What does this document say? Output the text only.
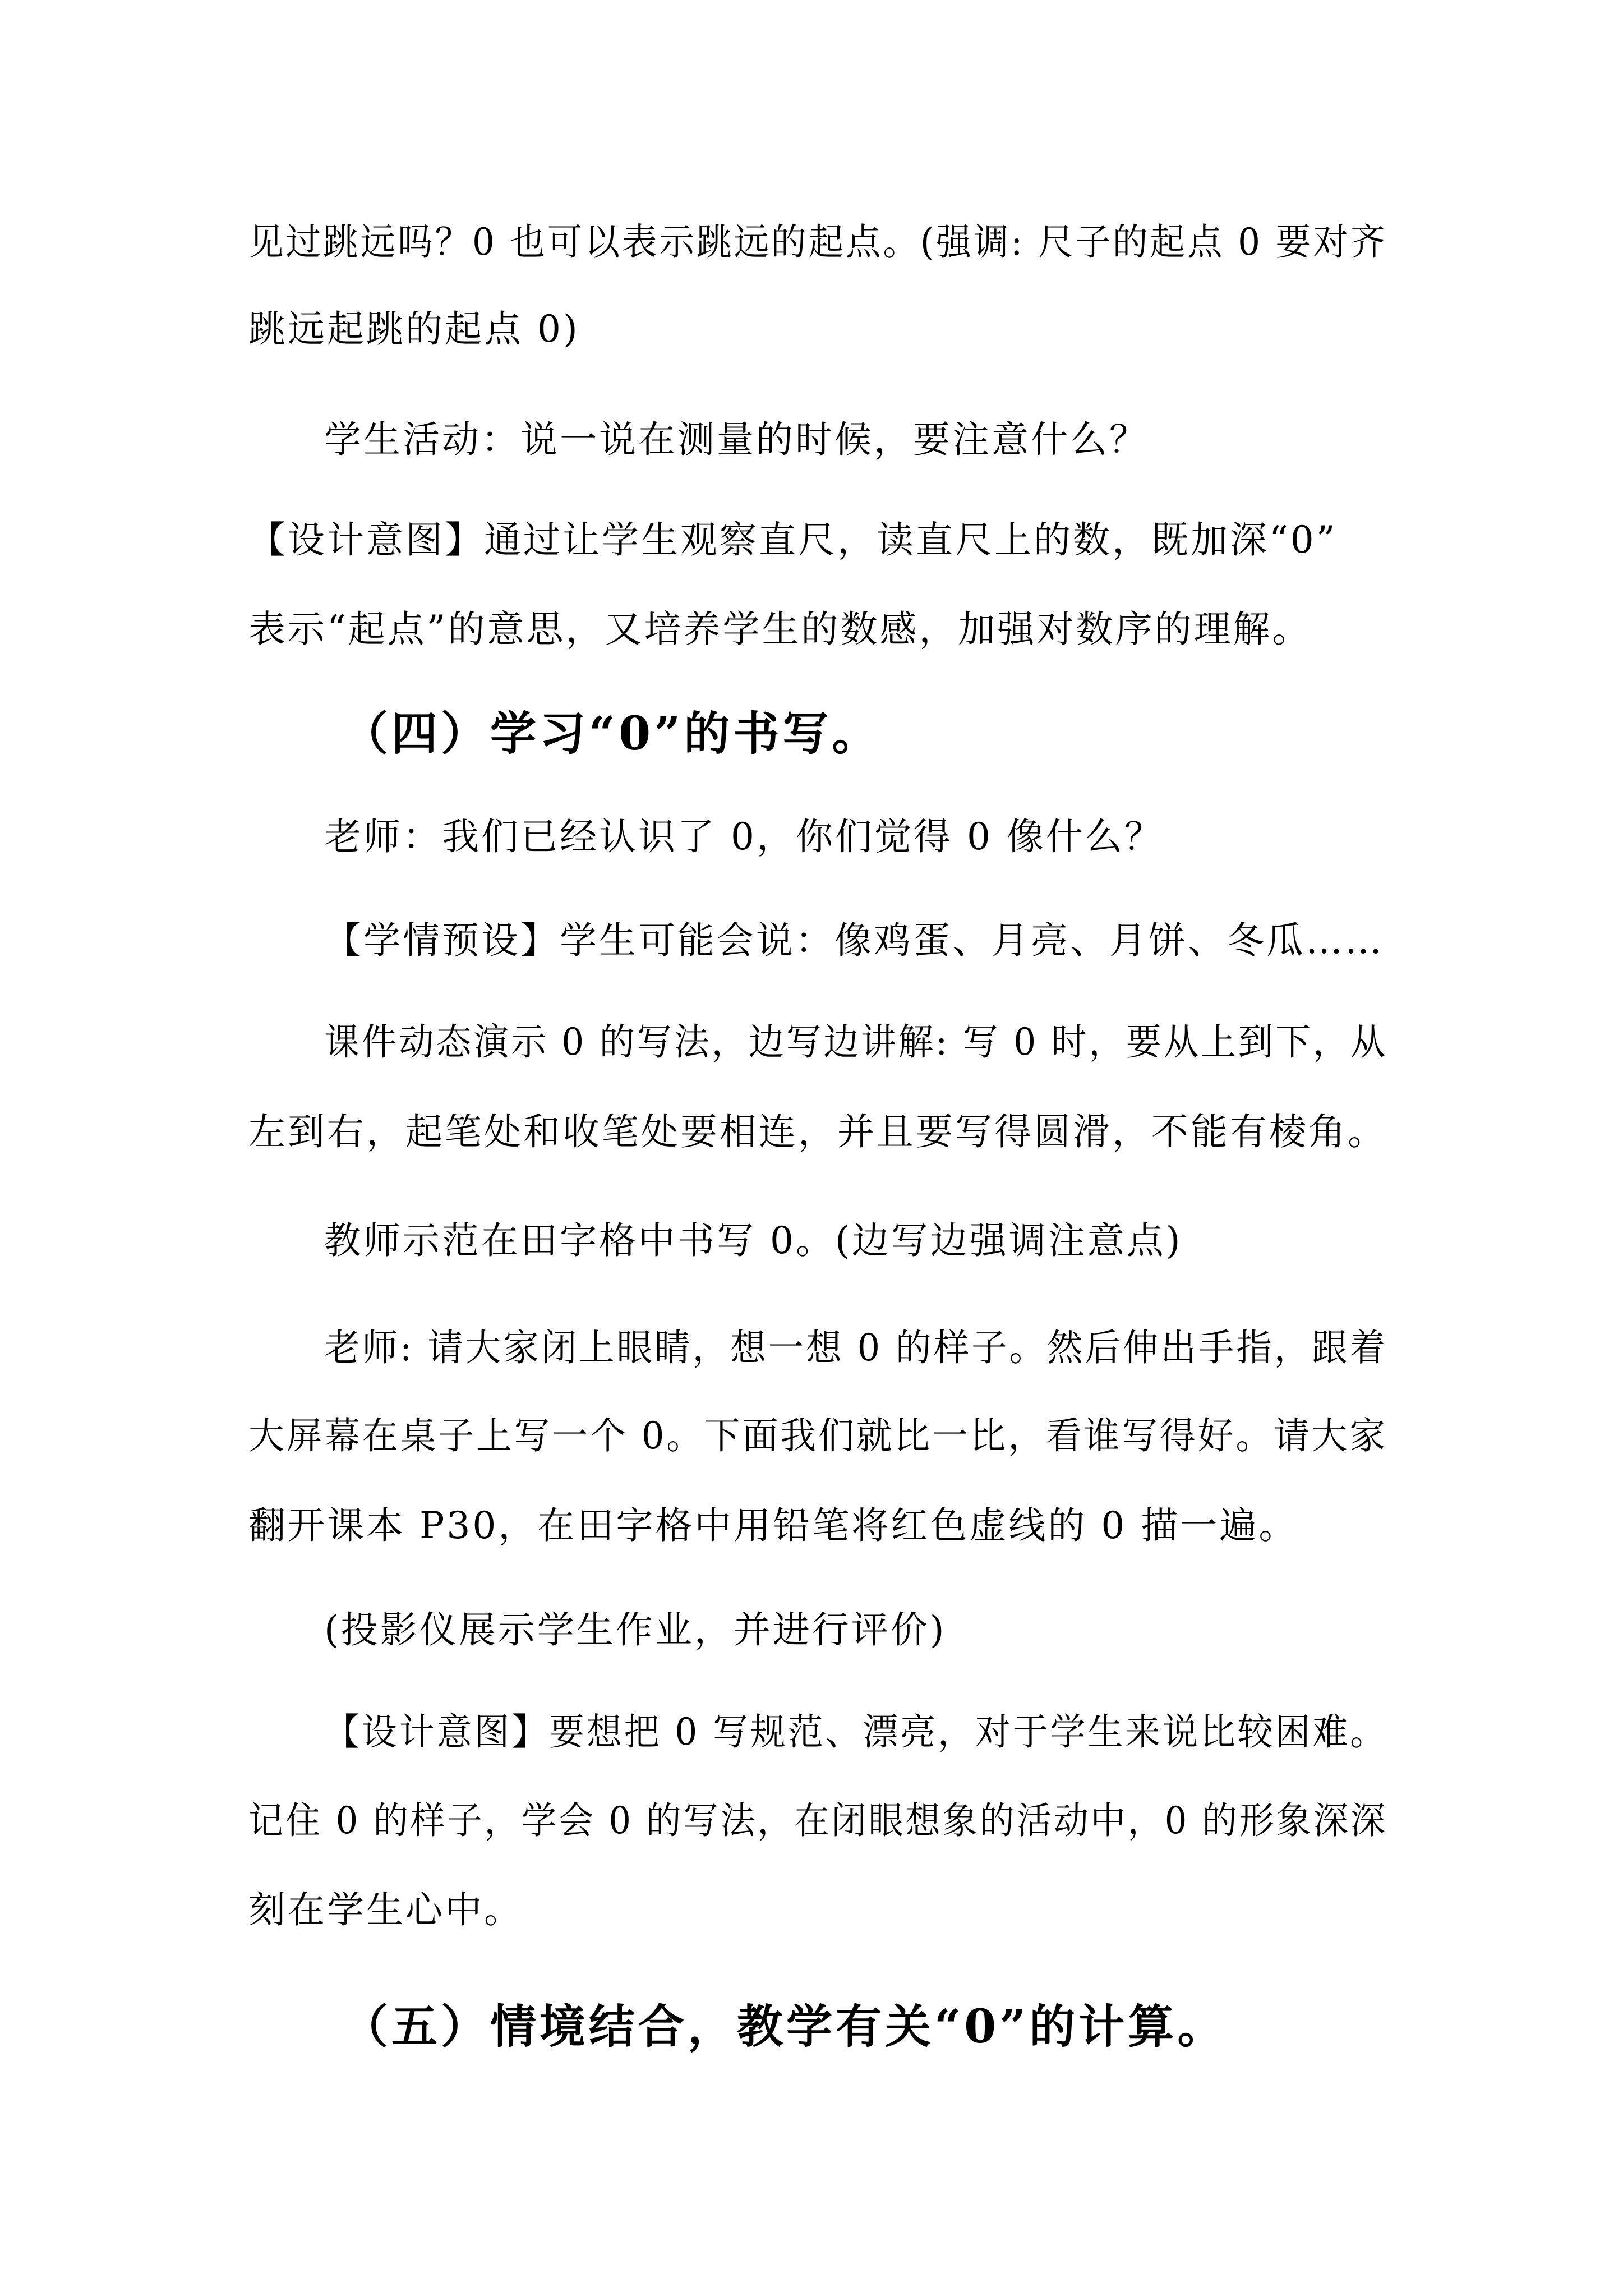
见过跳远吗？0 也可以表示跳远的起点。(强调: 尺子的起点 0 要对齐
跳远起跳的起点 0)
学生活动：说一说在测量的时候，要注意什么？
【设计意图】通过让学生观察直尺，读直尺上的数，既加深“0”
表示“起点”的意思，又培养学生的数感，加强对数序的理解。
（四）学习“0”的书写。
老师：我们已经认识了 0，你们觉得 0 像什么？
【学情预设】学生可能会说：像鸡蛋、月亮、月饼、冬瓜……
课件动态演示 0 的写法，边写边讲解: 写 0 时，要从上到下，从
左到右，起笔处和收笔处要相连，并且要写得圆滑，不能有棱角。
教师示范在田字格中书写 0。(边写边强调注意点)
老师: 请大家闭上眼睛，想一想 0 的样子。然后伸出手指，跟着
大屏幕在桌子上写一个 0。下面我们就比一比，看谁写得好。请大家
翻开课本 P30，在田字格中用铅笔将红色虚线的 0 描一遍。
(投影仪展示学生作业，并进行评价)
【设计意图】要想把 0 写规范、漂亮，对于学生来说比较困难。
记住 0 的样子，学会 0 的写法，在闭眼想象的活动中，0 的形象深深
刻在学生心中。
（五）情境结合，教学有关“0”的计算。
